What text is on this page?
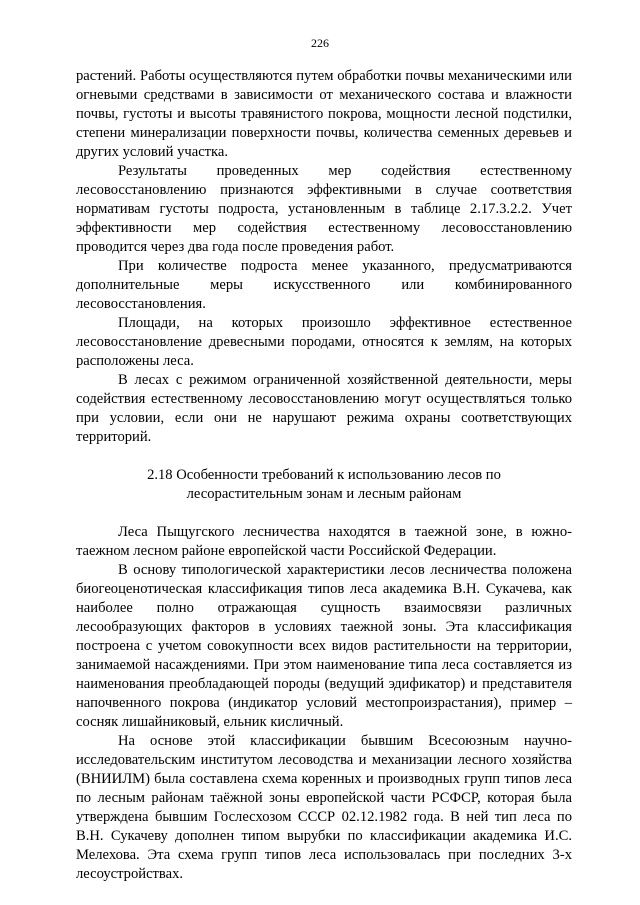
226

растений. Работы осуществляются путем обработки почвы механическими или огневыми средствами в зависимости от механического состава и влажности почвы, густоты и высоты травянистого покрова, мощности лесной подстилки, степени минерализации поверхности почвы, количества семенных деревьев и других условий участка.

Результаты проведенных мер содействия естественному лесовосстановлению признаются эффективными в случае соответствия нормативам густоты подроста, установленным в таблице 2.17.3.2.2. Учет эффективности мер содействия естественному лесовосстановлению проводится через два года после проведения работ.

При количестве подроста менее указанного, предусматриваются дополнительные меры искусственного или комбинированного лесовосстановления.

Площади, на которых произошло эффективное естественное лесовосстановление древесными породами, относятся к землям, на которых расположены леса.

В лесах с режимом ограниченной хозяйственной деятельности, меры содействия естественному лесовосстановлению могут осуществляться только при условии, если они не нарушают режима охраны соответствующих территорий.

2.18 Особенности требований к использованию лесов по
лесорастительным зонам и лесным районам

Леса Пыщугского лесничества находятся в таежной зоне, в южно-таежном лесном районе европейской части Российской Федерации.

В основу типологической характеристики лесов лесничества положена биогеоценотическая классификация типов леса академика В.Н. Сукачева, как наиболее полно отражающая сущность взаимосвязи различных лесообразующих факторов в условиях таежной зоны. Эта классификация построена с учетом совокупности всех видов растительности на территории, занимаемой насаждениями. При этом наименование типа леса составляется из наименования преобладающей породы (ведущий эдификатор) и представителя напочвенного покрова (индикатор условий местопроизрастания), пример – сосняк лишайниковый, ельник кисличный.

На основе этой классификации бывшим Всесоюзным научно-исследовательским институтом лесоводства и механизации лесного хозяйства (ВНИИЛМ) была составлена схема коренных и производных групп типов леса по лесным районам таёжной зоны европейской части РСФСР, которая была утверждена бывшим Гослесхозом СССР 02.12.1982 года. В ней тип леса по В.Н. Сукачеву дополнен типом вырубки по классификации академика И.С. Мелехова. Эта схема групп типов леса использовалась при последних 3-х лесоустройствах.
